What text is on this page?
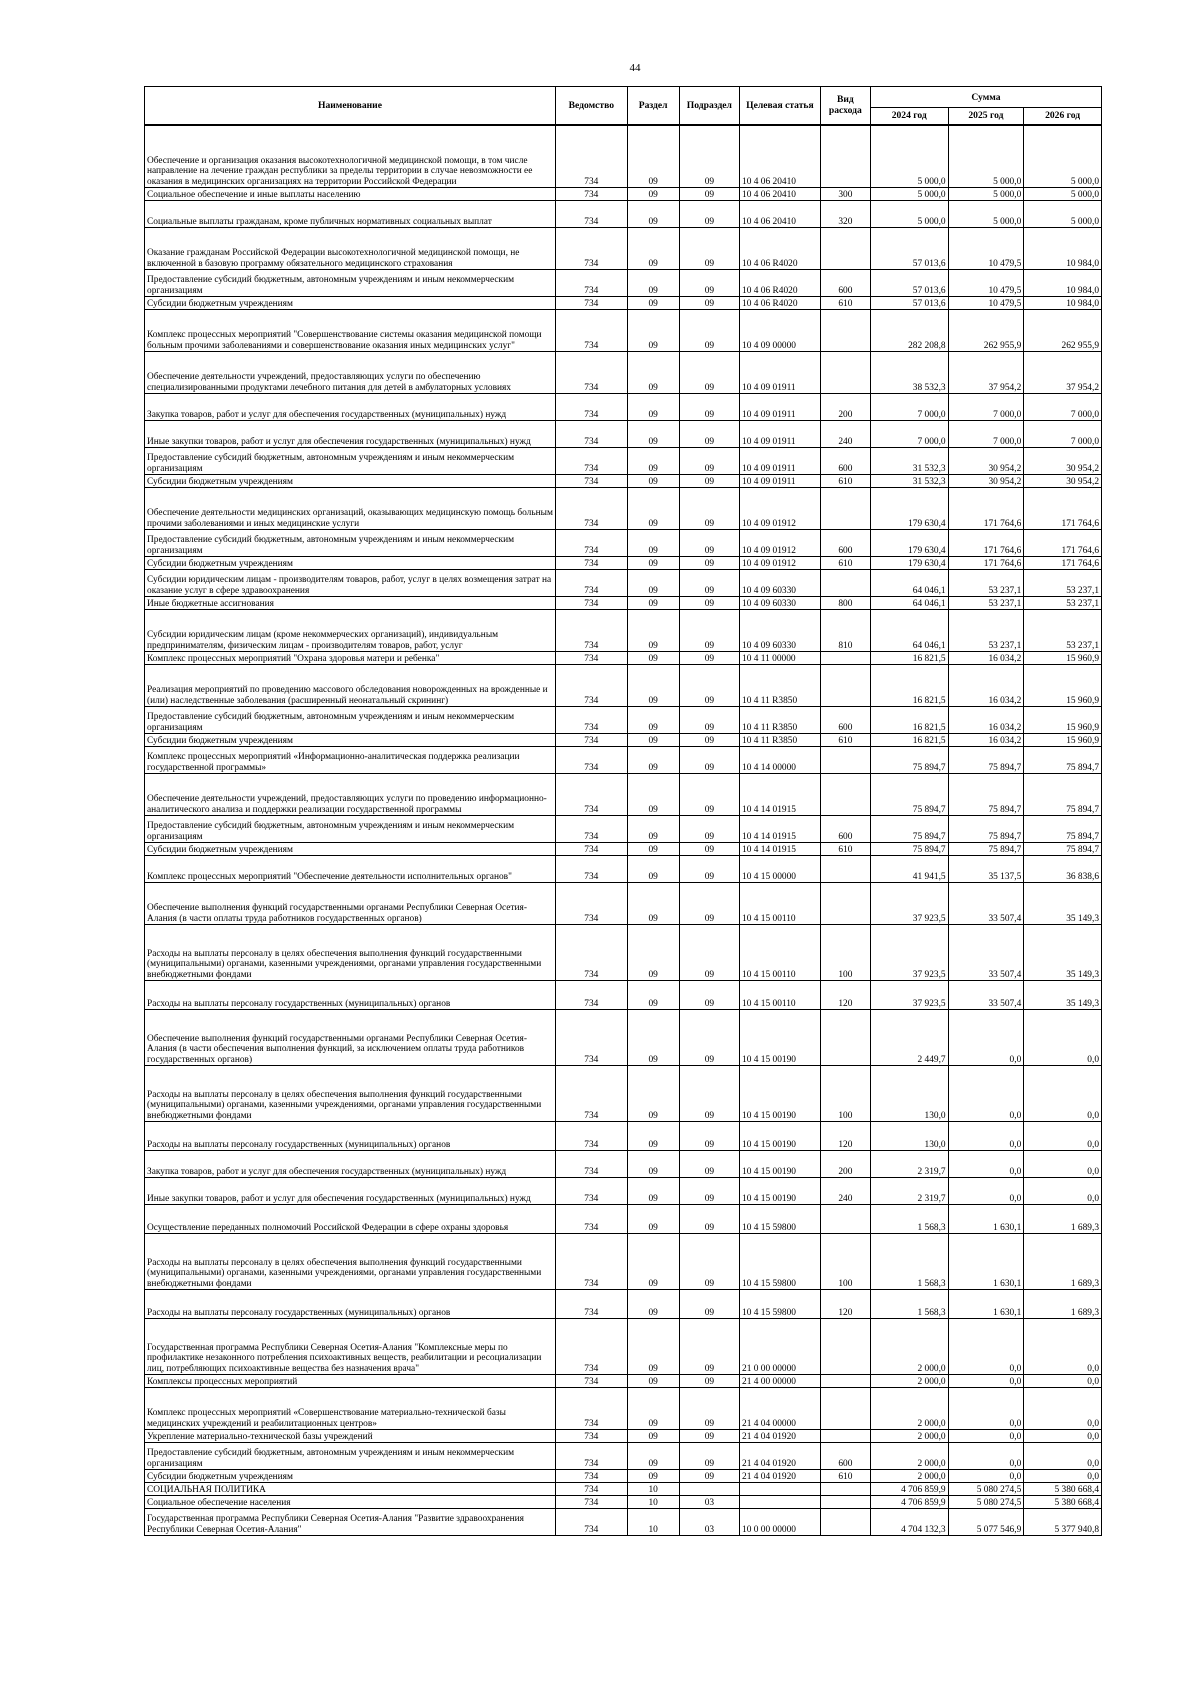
44
Наименование	Ведомство	Раздел	Подраздел	Целевая статья	Вид расхода	Сумма		
						2024 год	2025 год	2026 год
Обеспечение и организация оказания высокотехнологичной медицинской помощи, в том числе направление на лечение граждан республики за пределы территории в случае невозможности ее оказания в медицинских организациях на территории Российской Федерации	734	09	09	10 4 06 20410		5 000,0	5 000,0	5 000,0
Социальное обеспечение и иные выплаты населению	734	09	09	10 4 06 20410	300	5 000,0	5 000,0	5 000,0
Социальные выплаты гражданам, кроме публичных нормативных социальных выплат	734	09	09	10 4 06 20410	320	5 000,0	5 000,0	5 000,0
Оказание гражданам Российской Федерации высокотехнологичной медицинской помощи, не включенной в базовую программу обязательного медицинского страхования	734	09	09	10 4 06 R4020		57 013,6	10 479,5	10 984,0
Предоставление субсидий бюджетным, автономным учреждениям и иным некоммерческим организациям	734	09	09	10 4 06 R4020	600	57 013,6	10 479,5	10 984,0
Субсидии бюджетным учреждениям	734	09	09	10 4 06 R4020	610	57 013,6	10 479,5	10 984,0
Комплекс процессных мероприятий "Совершенствование системы оказания медицинской помощи больным прочими заболеваниями и совершенствование оказания иных медицинских услуг"	734	09	09	10 4 09 00000		282 208,8	262 955,9	262 955,9
Обеспечение деятельности учреждений, предоставляющих услуги по обеспечению специализированными продуктами лечебного питания для детей в амбулаторных условиях	734	09	09	10 4 09 01911		38 532,3	37 954,2	37 954,2
Закупка товаров, работ и услуг для обеспечения государственных (муниципальных) нужд	734	09	09	10 4 09 01911	200	7 000,0	7 000,0	7 000,0
Иные закупки товаров, работ и услуг для обеспечения государственных (муниципальных) нужд	734	09	09	10 4 09 01911	240	7 000,0	7 000,0	7 000,0
Предоставление субсидий бюджетным, автономным учреждениям и иным некоммерческим организациям	734	09	09	10 4 09 01911	600	31 532,3	30 954,2	30 954,2
Субсидии бюджетным учреждениям	734	09	09	10 4 09 01911	610	31 532,3	30 954,2	30 954,2
Обеспечение деятельности медицинских организаций, оказывающих медицинскую помощь больным прочими заболеваниями и иных медицинские услуги	734	09	09	10 4 09 01912		179 630,4	171 764,6	171 764,6
Предоставление субсидий бюджетным, автономным учреждениям и иным некоммерческим организациям	734	09	09	10 4 09 01912	600	179 630,4	171 764,6	171 764,6
Субсидии бюджетным учреждениям	734	09	09	10 4 09 01912	610	179 630,4	171 764,6	171 764,6
Субсидии юридическим лицам - производителям товаров, работ, услуг в целях возмещения затрат на оказание услуг в сфере здравоохранения	734	09	09	10 4 09 60330		64 046,1	53 237,1	53 237,1
Иные бюджетные ассигнования	734	09	09	10 4 09 60330	800	64 046,1	53 237,1	53 237,1
Субсидии юридическим лицам (кроме некоммерческих организаций), индивидуальным предпринимателям, физическим лицам - производителям товаров, работ, услуг	734	09	09	10 4 09 60330	810	64 046,1	53 237,1	53 237,1
Комплекс процессных мероприятий "Охрана здоровья матери и ребенка"	734	09	09	10 4 11 00000		16 821,5	16 034,2	15 960,9
Реализация мероприятий по проведению массового обследования новорожденных на врожденные и (или) наследственные заболевания (расширенный неонатальный скрининг)	734	09	09	10 4 11 R3850		16 821,5	16 034,2	15 960,9
Предоставление субсидий бюджетным, автономным учреждениям и иным некоммерческим организациям	734	09	09	10 4 11 R3850	600	16 821,5	16 034,2	15 960,9
Субсидии бюджетным учреждениям	734	09	09	10 4 11 R3850	610	16 821,5	16 034,2	15 960,9
Комплекс процессных мероприятий «Информационно-аналитическая поддержка реализации государственной программы»	734	09	09	10 4 14 00000		75 894,7	75 894,7	75 894,7
Обеспечение деятельности учреждений, предоставляющих услуги по проведению информационно-аналитического анализа и поддержки реализации государственной программы	734	09	09	10 4 14 01915		75 894,7	75 894,7	75 894,7
Предоставление субсидий бюджетным, автономным учреждениям и иным некоммерческим организациям	734	09	09	10 4 14 01915	600	75 894,7	75 894,7	75 894,7
Субсидии бюджетным учреждениям	734	09	09	10 4 14 01915	610	75 894,7	75 894,7	75 894,7
Комплекс процессных мероприятий "Обеспечение деятельности исполнительных органов"	734	09	09	10 4 15 00000		41 941,5	35 137,5	36 838,6
Обеспечение выполнения функций государственными органами Республики Северная Осетия-Алания (в части оплаты труда работников государственных органов)	734	09	09	10 4 15 00110		37 923,5	33 507,4	35 149,3
Расходы на выплаты персоналу в целях обеспечения выполнения функций государственными (муниципальными) органами, казенными учреждениями, органами управления государственными внебюджетными фондами	734	09	09	10 4 15 00110	100	37 923,5	33 507,4	35 149,3
Расходы на выплаты персоналу государственных (муниципальных) органов	734	09	09	10 4 15 00110	120	37 923,5	33 507,4	35 149,3
Обеспечение выполнения функций государственными органами Республики Северная Осетия-Алания (в части обеспечения выполнения функций, за исключением оплаты труда работников государственных органов)	734	09	09	10 4 15 00190		2 449,7	0,0	0,0
Расходы на выплаты персоналу в целях обеспечения выполнения функций государственными (муниципальными) органами, казенными учреждениями, органами управления государственными внебюджетными фондами	734	09	09	10 4 15 00190	100	130,0	0,0	0,0
Расходы на выплаты персоналу государственных (муниципальных) органов	734	09	09	10 4 15 00190	120	130,0	0,0	0,0
Закупка товаров, работ и услуг для обеспечения государственных (муниципальных) нужд	734	09	09	10 4 15 00190	200	2 319,7	0,0	0,0
Иные закупки товаров, работ и услуг для обеспечения государственных (муниципальных) нужд	734	09	09	10 4 15 00190	240	2 319,7	0,0	0,0
Осуществление переданных полномочий Российской Федерации в сфере охраны здоровья	734	09	09	10 4 15 59800		1 568,3	1 630,1	1 689,3
Расходы на выплаты персоналу в целях обеспечения выполнения функций государственными (муниципальными) органами, казенными учреждениями, органами управления государственными внебюджетными фондами	734	09	09	10 4 15 59800	100	1 568,3	1 630,1	1 689,3
Расходы на выплаты персоналу государственных (муниципальных) органов	734	09	09	10 4 15 59800	120	1 568,3	1 630,1	1 689,3
Государственная программа Республики Северная Осетия-Алания "Комплексные меры по профилактике незаконного потребления психоактивных веществ, реабилитации и ресоциализации лиц, потребляющих психоактивные вещества без назначения врача"	734	09	09	21 0 00 00000		2 000,0	0,0	0,0
Комплексы процессных мероприятий	734	09	09	21 4 00 00000		2 000,0	0,0	0,0
Комплекс процессных мероприятий «Совершенствование материально-технической базы медицинских учреждений и реабилитационных центров»	734	09	09	21 4 04 00000		2 000,0	0,0	0,0
Укрепление материально-технической базы учреждений	734	09	09	21 4 04 01920		2 000,0	0,0	0,0
Предоставление субсидий бюджетным, автономным учреждениям и иным некоммерческим организациям	734	09	09	21 4 04 01920	600	2 000,0	0,0	0,0
Субсидии бюджетным учреждениям	734	09	09	21 4 04 01920	610	2 000,0	0,0	0,0
СОЦИАЛЬНАЯ ПОЛИТИКА	734	10				4 706 859,9	5 080 274,5	5 380 668,4
Социальное обеспечение населения	734	10	03			4 706 859,9	5 080 274,5	5 380 668,4
Государственная программа Республики Северная Осетия-Алания "Развитие здравоохранения Республики Северная Осетия-Алания"	734	10	03	10 0 00 00000		4 704 132,3	5 077 546,9	5 377 940,8
